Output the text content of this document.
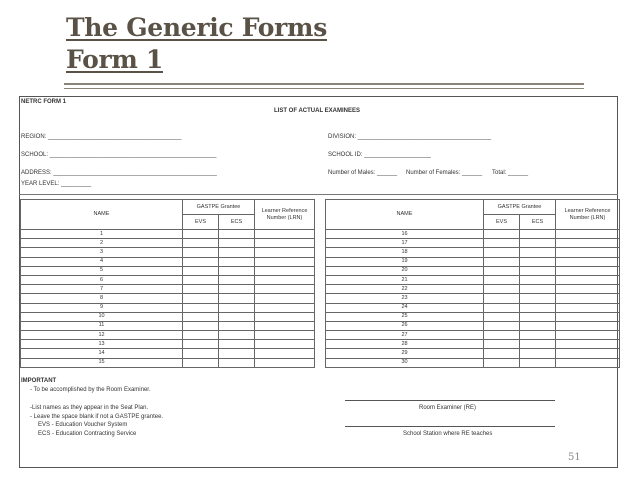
The Generic Forms
Form 1
NETRC FORM 1
LIST OF ACTUAL EXAMINEES
REGION: ________________________________________	DIVISION: ________________________________________
SCHOOL: __________________________________________________	SCHOOL ID: ____________________
ADDRESS: _________________________________________________	Number of Males: ______ Number of Females: ______ Total: ______
YEAR LEVEL: _________
NAME	GASTPE Grantee		Learner Reference Number (LRN)
	EVS	ECS	
1			
2			
3			
4			
5			
6			
7			
8			
9			
10			
11			
12			
13			
14			
15			
NAME	GASTPE Grantee		Learner Reference Number (LRN)
	EVS	ECS	
16			
17			
18			
19			
20			
21			
22			
23			
24			
25			
26			
27			
28			
29			
30			
IMPORTANT
- To be accomplished by the Room Examiner.
-List names as they appear in the Seat Plan.
- Leave the space blank if not a GASTPE grantee.
EVS - Education Voucher System
ECS - Education Contracting Service
Room Examiner (RE)
School Station where RE teaches
51
